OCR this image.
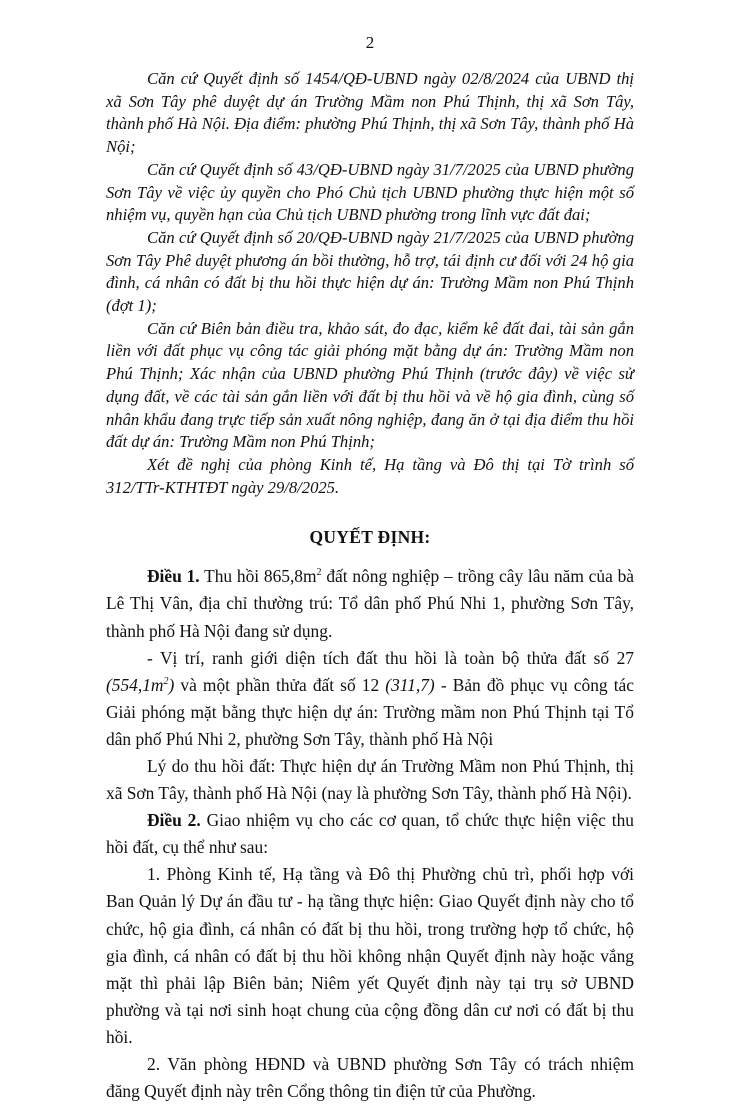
2

Căn cứ Quyết định số 1454/QĐ-UBND ngày 02/8/2024 của UBND thị xã Sơn Tây phê duyệt dự án Trường Mầm non Phú Thịnh, thị xã Sơn Tây, thành phố Hà Nội. Địa điểm: phường Phú Thịnh, thị xã Sơn Tây, thành phố Hà Nội;

Căn cứ Quyết định số 43/QĐ-UBND ngày 31/7/2025 của UBND phường Sơn Tây về việc ủy quyền cho Phó Chủ tịch UBND phường thực hiện một số nhiệm vụ, quyền hạn của Chủ tịch UBND phường trong lĩnh vực đất đai;

Căn cứ Quyết định số 20/QĐ-UBND ngày 21/7/2025 của UBND phường Sơn Tây Phê duyệt phương án bồi thường, hỗ trợ, tái định cư đối với 24 hộ gia đình, cá nhân có đất bị thu hồi thực hiện dự án: Trường Mầm non Phú Thịnh (đợt 1);

Căn cứ Biên bản điều tra, khảo sát, đo đạc, kiểm kê đất đai, tài sản gắn liền với đất phục vụ công tác giải phóng mặt bằng dự án: Trường Mầm non Phú Thịnh; Xác nhận của UBND phường Phú Thịnh (trước đây) về việc sử dụng đất, về các tài sản gắn liền với đất bị thu hồi và về hộ gia đình, cùng số nhân khẩu đang trực tiếp sản xuất nông nghiệp, đang ăn ở tại địa điểm thu hồi đất dự án: Trường Mầm non Phú Thịnh;

Xét đề nghị của phòng Kinh tế, Hạ tầng và Đô thị tại Tờ trình số 312/TTr-KTHTĐT ngày 29/8/2025.

QUYẾT ĐỊNH:

Điều 1. Thu hồi $865,8m^2$ đất nông nghiệp – trồng cây lâu năm của bà Lê Thị Vân, địa chỉ thường trú: Tổ dân phố Phú Nhi 1, phường Sơn Tây, thành phố Hà Nội đang sử dụng.

- Vị trí, ranh giới diện tích đất thu hồi là toàn bộ thửa đất số 27 $(554,1m^2)$ và một phần thửa đất số 12 (311,7) - Bản đồ phục vụ công tác Giải phóng mặt bằng thực hiện dự án: Trường mầm non Phú Thịnh tại Tổ dân phố Phú Nhi 2, phường Sơn Tây, thành phố Hà Nội

Lý do thu hồi đất: Thực hiện dự án Trường Mầm non Phú Thịnh, thị xã Sơn Tây, thành phố Hà Nội (nay là phường Sơn Tây, thành phố Hà Nội).

Điều 2. Giao nhiệm vụ cho các cơ quan, tổ chức thực hiện việc thu hồi đất, cụ thể như sau:

1. Phòng Kinh tế, Hạ tầng và Đô thị Phường chủ trì, phối hợp với Ban Quản lý Dự án đầu tư - hạ tầng thực hiện: Giao Quyết định này cho tổ chức, hộ gia đình, cá nhân có đất bị thu hồi, trong trường hợp tổ chức, hộ gia đình, cá nhân có đất bị thu hồi không nhận Quyết định này hoặc vắng mặt thì phải lập Biên bản; Niêm yết Quyết định này tại trụ sở UBND phường và tại nơi sinh hoạt chung của cộng đồng dân cư nơi có đất bị thu hồi.

2. Văn phòng HĐND và UBND phường Sơn Tây có trách nhiệm đăng Quyết định này trên Cổng thông tin điện tử của Phường.
